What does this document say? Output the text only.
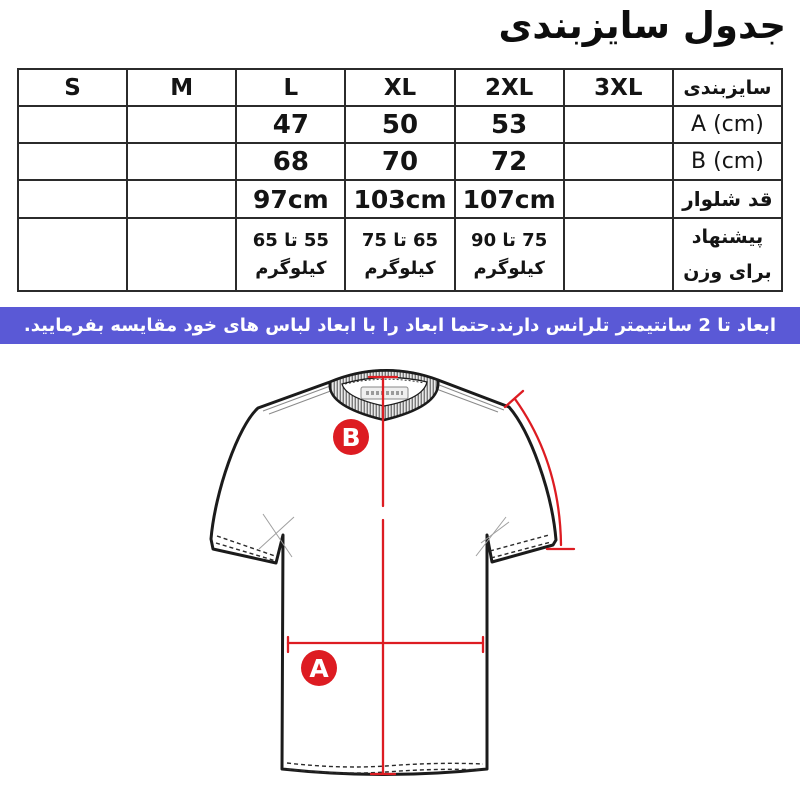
جدول سایزبندی
سایزبندی	3XL	2XL	XL	L	M	S
A (cm)		53	50	47		
B (cm)		72	70	68		
قد شلوار		107cm	103cm	97cm		
پیشنهاد برای وزن		75 تا 90 کیلوگرم	65 تا 75 کیلوگرم	55 تا 65 کیلوگرم		
ابعاد تا 2 سانتیمتر تلرانس دارند.حتما ابعاد را با ابعاد لباس های خود مقایسه بفرمایید.
B
A
